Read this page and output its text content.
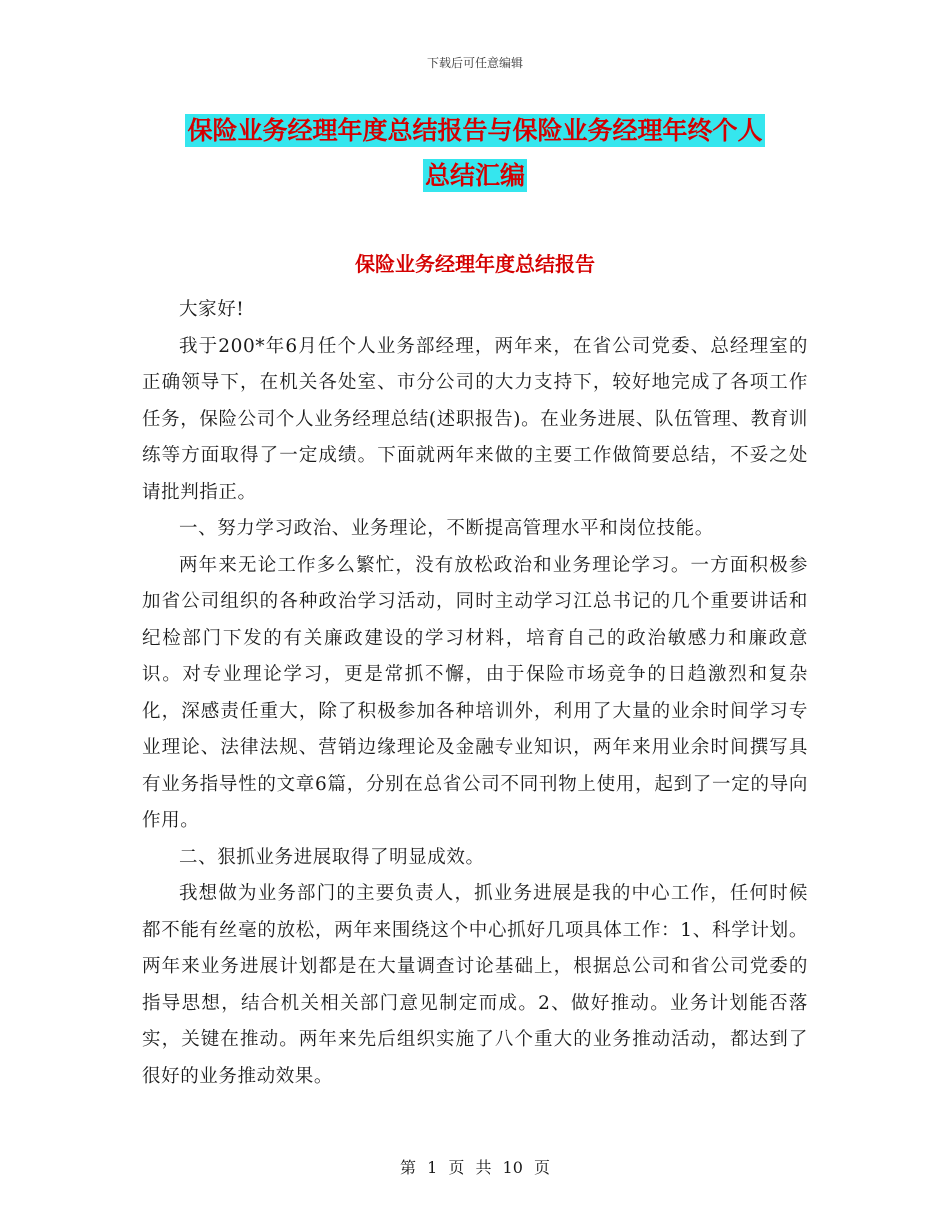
下载后可任意编辑
保险业务经理年度总结报告与保险业务经理年终个人
总结汇编
保险业务经理年度总结报告

大家好!

我于200*年6月任个人业务部经理，两年来，在省公司党委、总经理室的正确领导下，在机关各处室、市分公司的大力支持下，较好地完成了各项工作任务，保险公司个人业务经理总结(述职报告)。在业务进展、队伍管理、教育训练等方面取得了一定成绩。下面就两年来做的主要工作做简要总结，不妥之处请批判指正。

一、努力学习政治、业务理论，不断提高管理水平和岗位技能。

两年来无论工作多么繁忙，没有放松政治和业务理论学习。一方面积极参加省公司组织的各种政治学习活动，同时主动学习江总书记的几个重要讲话和纪检部门下发的有关廉政建设的学习材料，培育自己的政治敏感力和廉政意识。对专业理论学习，更是常抓不懈，由于保险市场竞争的日趋激烈和复杂化，深感责任重大，除了积极参加各种培训外，利用了大量的业余时间学习专业理论、法律法规、营销边缘理论及金融专业知识，两年来用业余时间撰写具有业务指导性的文章6篇，分别在总省公司不同刊物上使用，起到了一定的导向作用。

二、狠抓业务进展取得了明显成效。

我想做为业务部门的主要负责人，抓业务进展是我的中心工作，任何时候都不能有丝毫的放松，两年来围绕这个中心抓好几项具体工作：1、科学计划。两年来业务进展计划都是在大量调查讨论基础上，根据总公司和省公司党委的指导思想，结合机关相关部门意见制定而成。2、做好推动。业务计划能否落实，关键在推动。两年来先后组织实施了八个重大的业务推动活动，都达到了很好的业务推动效果。

第 1 页 共 10 页
